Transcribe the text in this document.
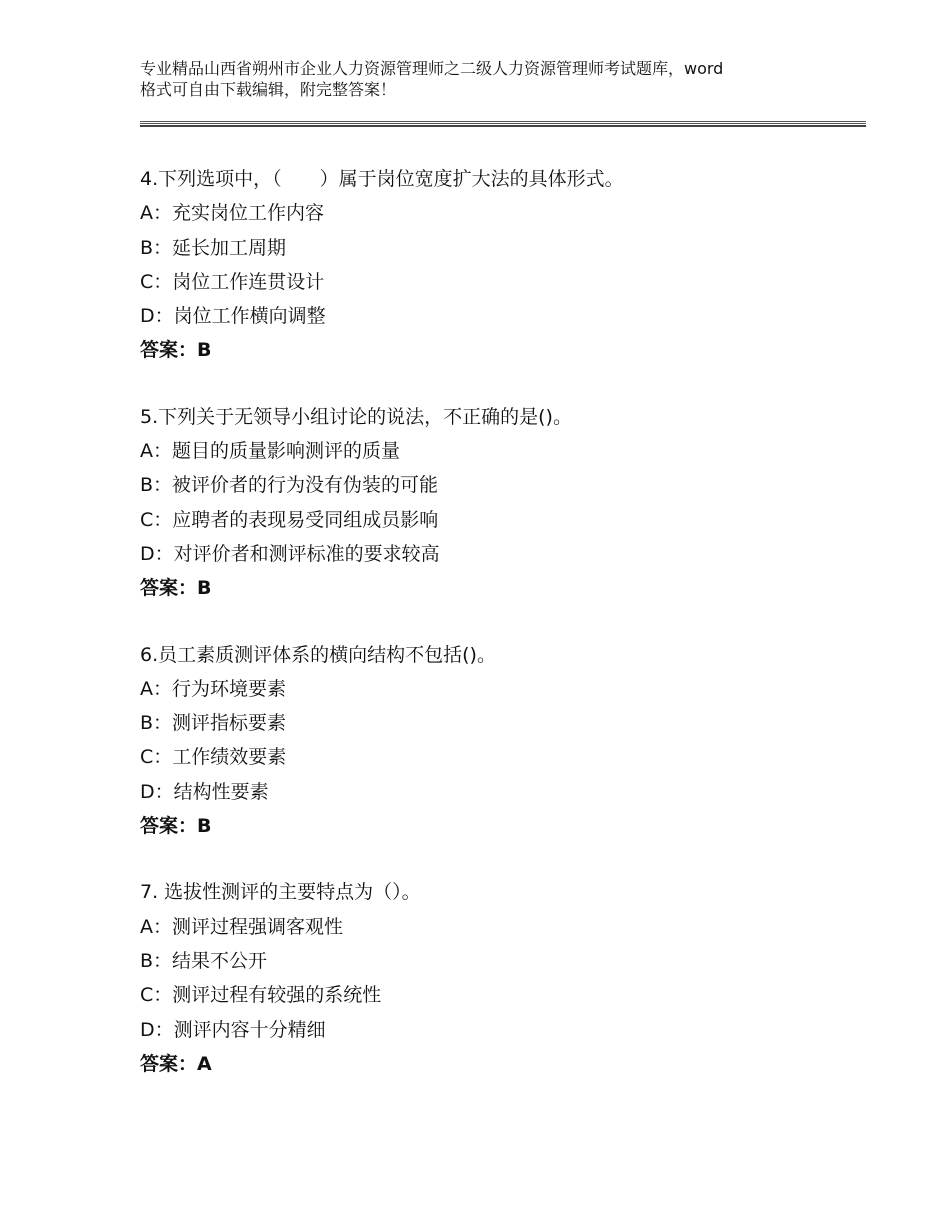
专业精品山西省朔州市企业人力资源管理师之二级人力资源管理师考试题库，word
格式可自由下载编辑，附完整答案！
4.下列选项中，（　　）属于岗位宽度扩大法的具体形式。
A：充实岗位工作内容
B：延长加工周期
C：岗位工作连贯设计
D：岗位工作横向调整
答案：B
5.下列关于无领导小组讨论的说法，不正确的是()。
A：题目的质量影响测评的质量
B：被评价者的行为没有伪装的可能
C：应聘者的表现易受同组成员影响
D：对评价者和测评标准的要求较高
答案：B
6.员工素质测评体系的横向结构不包括()。
A：行为环境要素
B：测评指标要素
C：工作绩效要素
D：结构性要素
答案：B
7. 选拔性测评的主要特点为（）。
A：测评过程强调客观性
B：结果不公开
C：测评过程有较强的系统性
D：测评内容十分精细
答案：A
